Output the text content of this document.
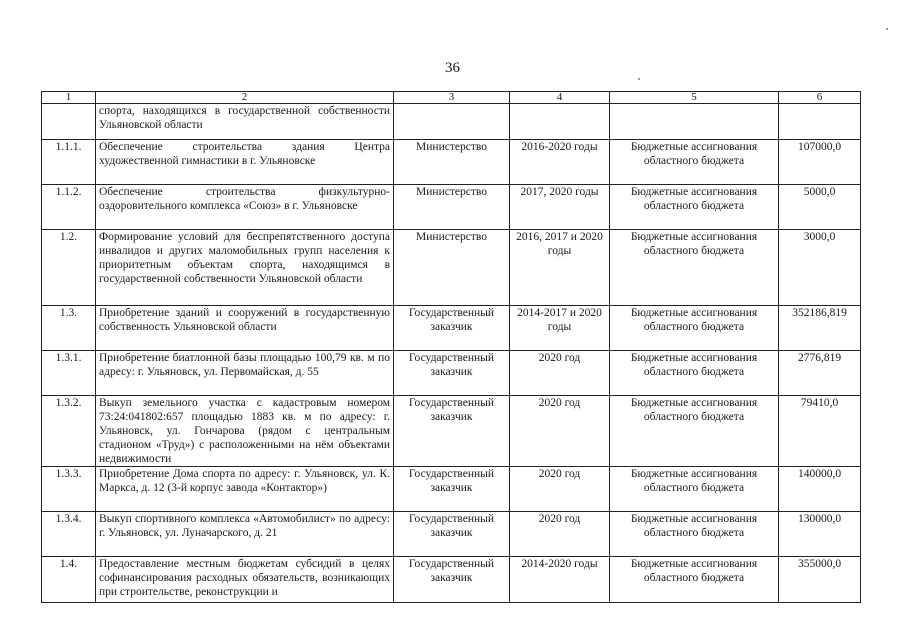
36
1	2	3	4	5	6
	спорта, находящихся в государственной собственности Ульяновской области				
1.1.1.	Обеспечение строительства здания Центра художественной гимнастики в г. Ульяновске	Министерство	2016-2020 годы	Бюджетные ассигнования областного бюджета	107000,0
1.1.2.	Обеспечение строительства физкультурно-оздоровительного комплекса «Союз» в г. Ульяновске	Министерство	2017, 2020 годы	Бюджетные ассигнования областного бюджета	5000,0
1.2.	Формирование условий для беспрепятственного доступа инвалидов и других маломобильных групп населения к приоритетным объектам спорта, находящимся в государственной собственности Ульяновской области	Министерство	2016, 2017 и 2020 годы	Бюджетные ассигнования областного бюджета	3000,0
1.3.	Приобретение зданий и сооружений в государственную собственность Ульяновской области	Государственный заказчик	2014-2017 и 2020 годы	Бюджетные ассигнования областного бюджета	352186,819
1.3.1.	Приобретение биатлонной базы площадью 100,79 кв. м по адресу: г. Ульяновск, ул. Первомайская, д. 55	Государственный заказчик	2020 год	Бюджетные ассигнования областного бюджета	2776,819
1.3.2.	Выкуп земельного участка с кадастровым номером 73:24:041802:657 площадью 1883 кв. м по адресу: г. Ульяновск, ул. Гончарова (рядом с центральным стадионом «Труд») с расположенными на нём объектами недвижимости	Государственный заказчик	2020 год	Бюджетные ассигнования областного бюджета	79410,0
1.3.3.	Приобретение Дома спорта по адресу: г. Ульяновск, ул. К. Маркса, д. 12 (3-й корпус завода «Контактор»)	Государственный заказчик	2020 год	Бюджетные ассигнования областного бюджета	140000,0
1.3.4.	Выкуп спортивного комплекса «Автомобилист» по адресу: г. Ульяновск, ул. Луначарского, д. 21	Государственный заказчик	2020 год	Бюджетные ассигнования областного бюджета	130000,0
1.4.	Предоставление местным бюджетам субсидий в целях софинансирования расходных обязательств, возникающих при строительстве, реконструкции и	Государственный заказчик	2014-2020 годы	Бюджетные ассигнования областного бюджета	355000,0
